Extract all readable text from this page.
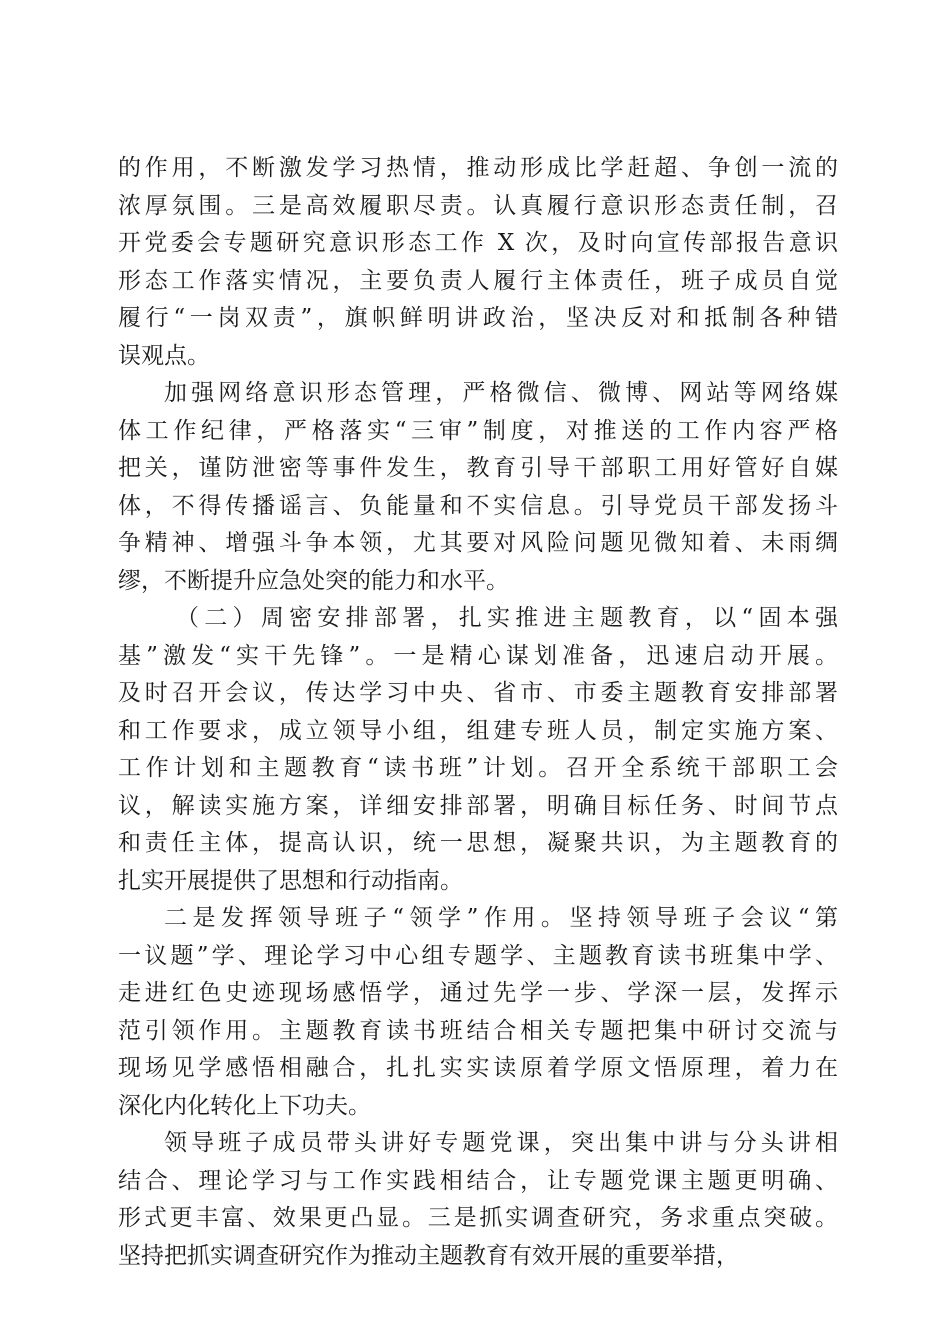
的作用，不断激发学习热情，推动形成比学赶超、争创一流的
浓厚氛围。三是高效履职尽责。认真履行意识形态责任制，召
开党委会专题研究意识形态工作 X 次，及时向宣传部报告意识
形态工作落实情况，主要负责人履行主体责任，班子成员自觉
履行“一岗双责”，旗帜鲜明讲政治，坚决反对和抵制各种错
误观点。
加强网络意识形态管理，严格微信、微博、网站等网络媒
体工作纪律，严格落实“三审”制度，对推送的工作内容严格
把关，谨防泄密等事件发生，教育引导干部职工用好管好自媒
体，不得传播谣言、负能量和不实信息。引导党员干部发扬斗
争精神、增强斗争本领，尤其要对风险问题见微知着、未雨绸
缪，不断提升应急处突的能力和水平。
（二）周密安排部署，扎实推进主题教育，以“固本强
基”激发“实干先锋”。一是精心谋划准备，迅速启动开展。
及时召开会议，传达学习中央、省市、市委主题教育安排部署
和工作要求，成立领导小组，组建专班人员，制定实施方案、
工作计划和主题教育“读书班”计划。召开全系统干部职工会
议，解读实施方案，详细安排部署，明确目标任务、时间节点
和责任主体，提高认识，统一思想，凝聚共识，为主题教育的
扎实开展提供了思想和行动指南。
二是发挥领导班子“领学”作用。坚持领导班子会议“第
一议题”学、理论学习中心组专题学、主题教育读书班集中学、
走进红色史迹现场感悟学，通过先学一步、学深一层，发挥示
范引领作用。主题教育读书班结合相关专题把集中研讨交流与
现场见学感悟相融合，扎扎实实读原着学原文悟原理，着力在
深化内化转化上下功夫。
领导班子成员带头讲好专题党课，突出集中讲与分头讲相
结合、理论学习与工作实践相结合，让专题党课主题更明确、
形式更丰富、效果更凸显。三是抓实调查研究，务求重点突破。
坚持把抓实调查研究作为推动主题教育有效开展的重要举措，
